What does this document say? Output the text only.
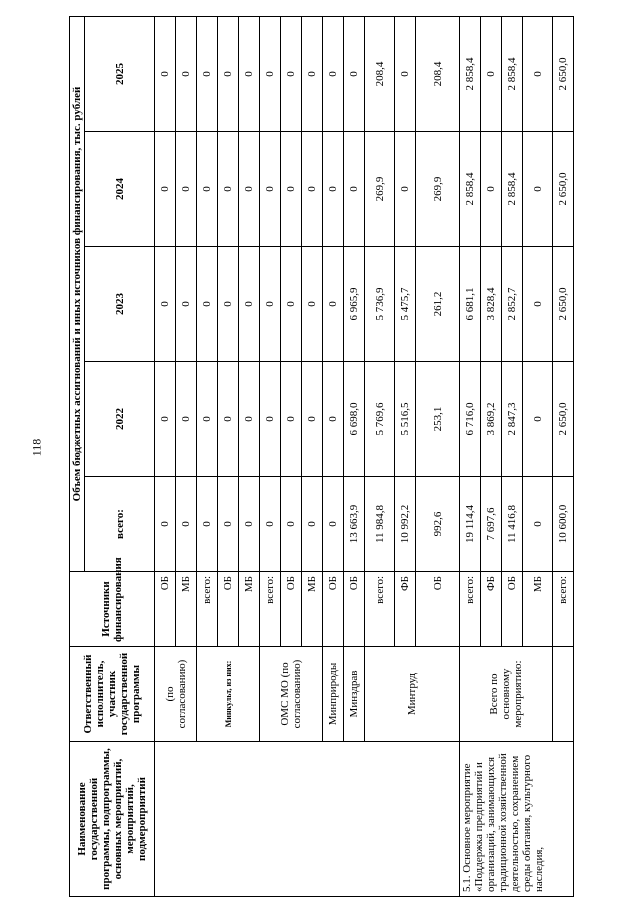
118
Наименование государственной программы, подпрограммы, основных мероприятий, мероприятий, подмероприятий	Ответственный исполнитель, участник государственной программы	Источники финансирования	Объем бюджетных ассигнований и иных источников финансирования, тыс. рублей				
			всего:	2022	2023	2024	2025
	(по согласованию)	ОБ	0	0	0	0	0
		МБ	0	0	0	0	0
	Минкульт, из них:	всего:	0	0	0	0	0
		ОБ	0	0	0	0	0
		МБ	0	0	0	0	0
	ОМС МО (по согласованию)	всего:	0	0	0	0	0
		ОБ	0	0	0	0	0
		МБ	0	0	0	0	0
	Минприроды	ОБ	0	0	0	0	0
	Минздрав	ОБ	13 663,9	6 698,0	6 965,9	0	0
	Минтруд	всего:	11 984,8	5 769,6	5 736,9	269,9	208,4
		ФБ	10 992,2	5 516,5	5 475,7	0	0
		ОБ	992,6	253,1	261,2	269,9	208,4
5.1. Основное мероприятие «Поддержка предприятий и организаций, занимающихся традиционной хозяйственной деятельностью, сохранением среды обитания, культурного наследия,	Всего по основному мероприятию:	всего:	19 114,4	6 716,0	6 681,1	2 858,4	2 858,4
		ФБ	7 697,6	3 869,2	3 828,4	0	0
		ОБ	11 416,8	2 847,3	2 852,7	2 858,4	2 858,4
		МБ	0	0	0	0	0
		всего:	10 600,0	2 650,0	2 650,0	2 650,0	2 650,0
